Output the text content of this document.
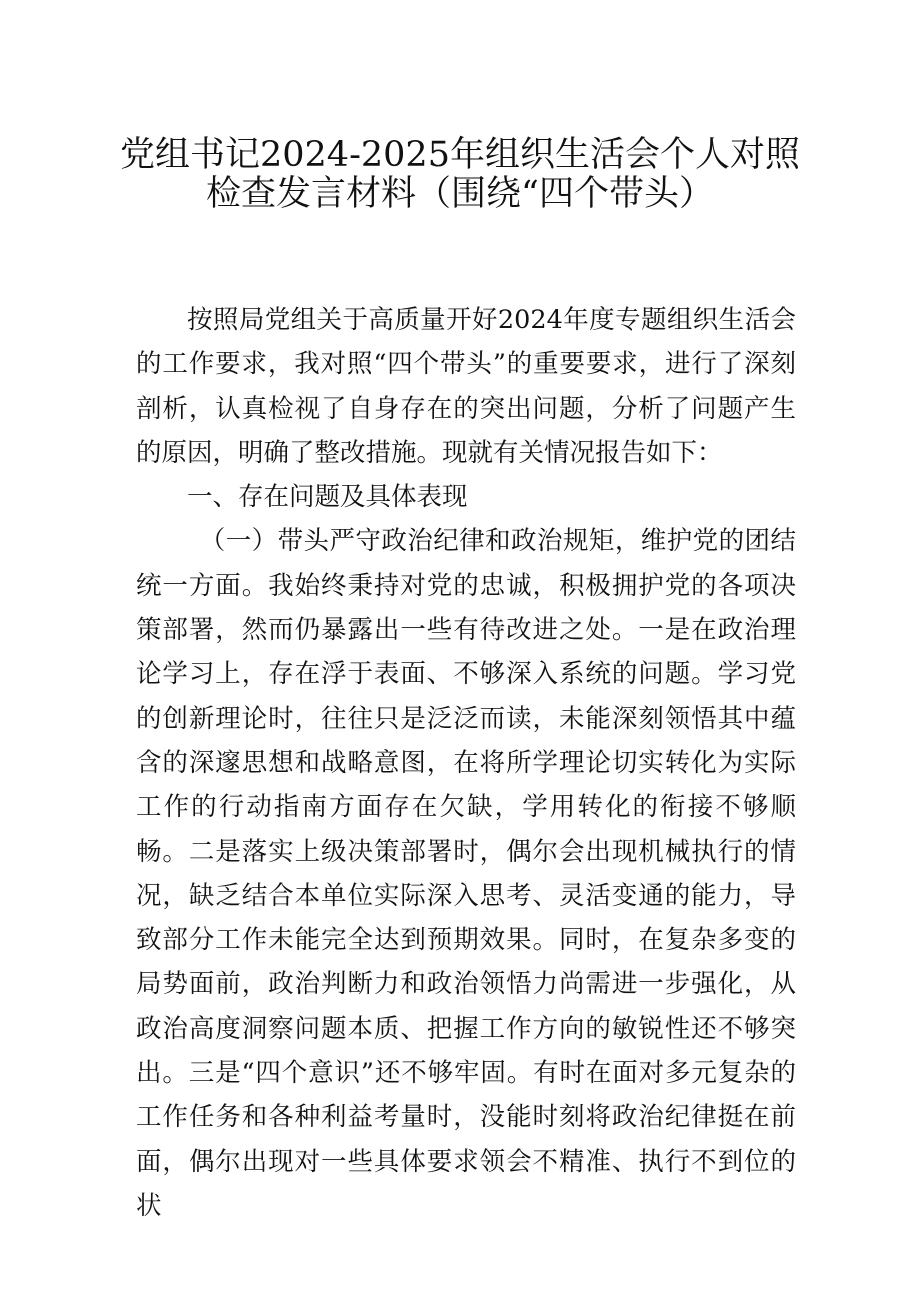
党组书记2024-2025年组织生活会个人对照
检查发言材料（围绕“四个带头）

按照局党组关于高质量开好2024年度专题组织生活会的工作要求，我对照“四个带头”的重要要求，进行了深刻剖析，认真检视了自身存在的突出问题，分析了问题产生的原因，明确了整改措施。现就有关情况报告如下：

一、存在问题及具体表现

（一）带头严守政治纪律和政治规矩，维护党的团结统一方面。我始终秉持对党的忠诚，积极拥护党的各项决策部署，然而仍暴露出一些有待改进之处。一是在政治理论学习上，存在浮于表面、不够深入系统的问题。学习党的创新理论时，往往只是泛泛而读，未能深刻领悟其中蕴含的深邃思想和战略意图，在将所学理论切实转化为实际工作的行动指南方面存在欠缺，学用转化的衔接不够顺畅。二是落实上级决策部署时，偶尔会出现机械执行的情况，缺乏结合本单位实际深入思考、灵活变通的能力，导致部分工作未能完全达到预期效果。同时，在复杂多变的局势面前，政治判断力和政治领悟力尚需进一步强化，从政治高度洞察问题本质、把握工作方向的敏锐性还不够突出。三是“四个意识”还不够牢固。有时在面对多元复杂的工作任务和各种利益考量时，没能时刻将政治纪律挺在前面，偶尔出现对一些具体要求领会不精准、执行不到位的状
